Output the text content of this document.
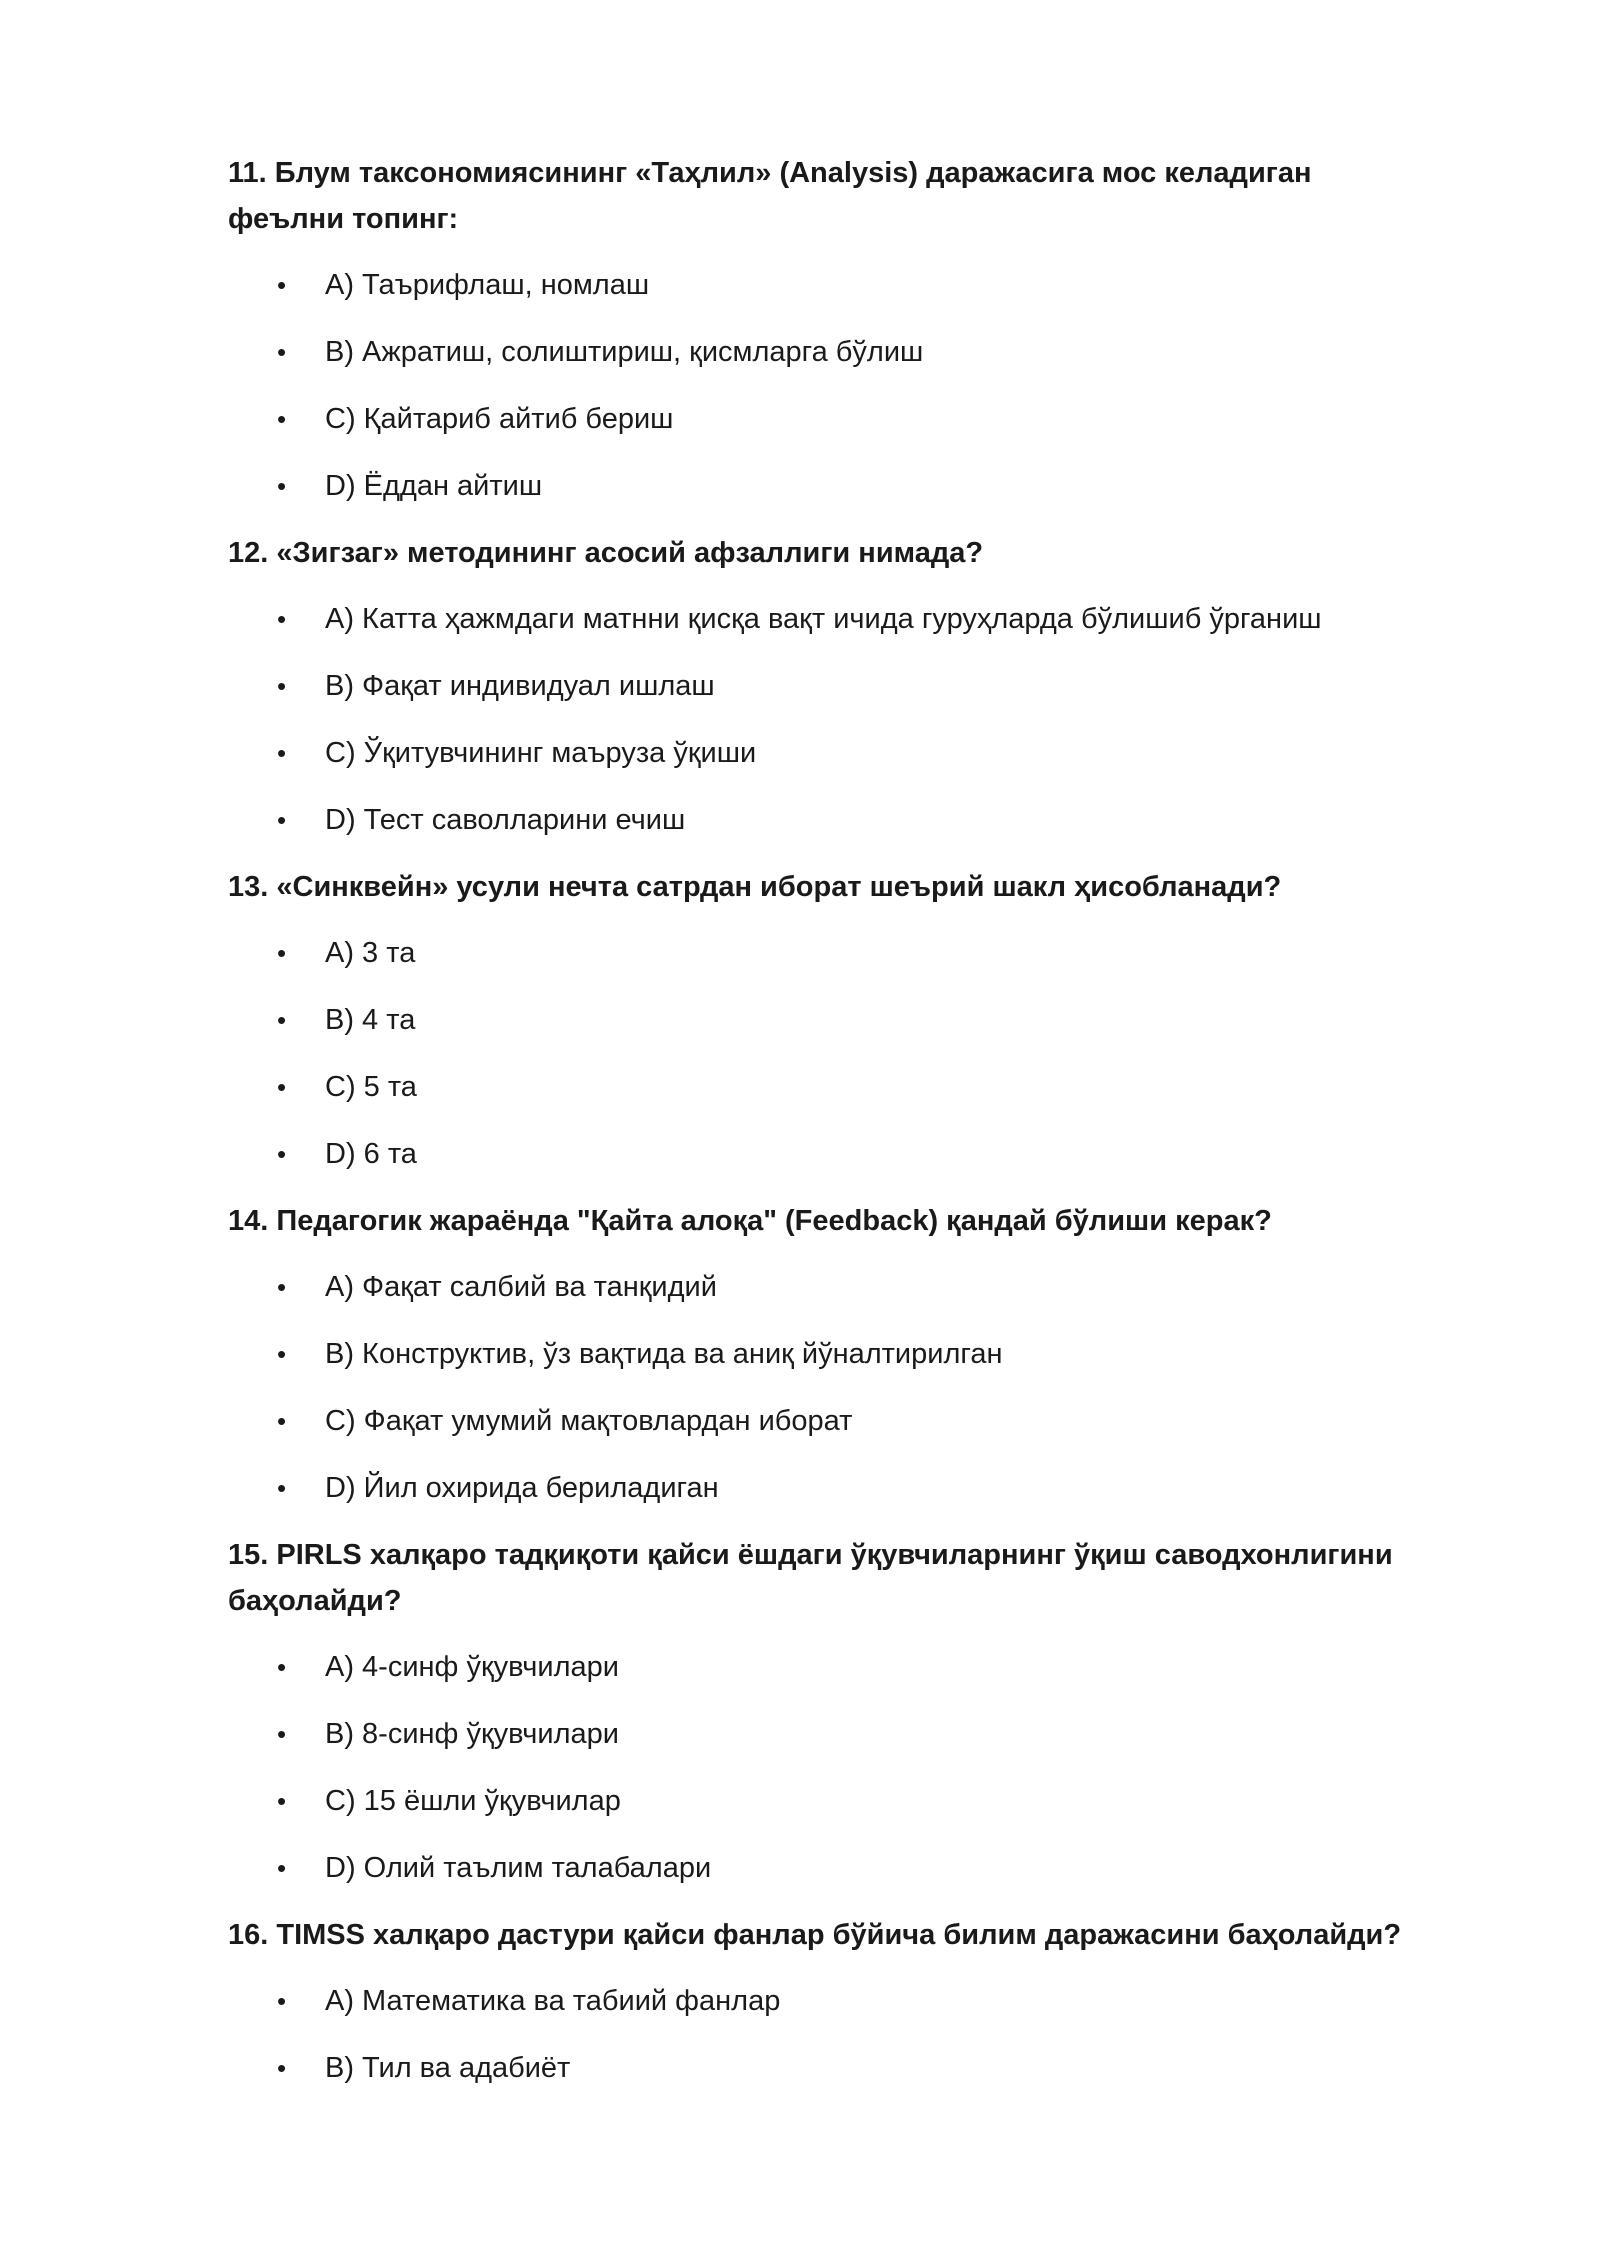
11. Блум таксономиясининг «Таҳлил» (Analysis) даражасига мос келадиган феълни топинг:

• A) Таърифлаш, номлаш
• B) Ажратиш, солиштириш, қисмларга бўлиш
• C) Қайтариб айтиб бериш
• D) Ёддан айтиш

12. «Зигзаг» методининг асосий афзаллиги нимада?

• A) Катта ҳажмдаги матнни қисқа вақт ичида гуруҳларда бўлишиб ўрганиш
• B) Фақат индивидуал ишлаш
• C) Ўқитувчининг маъруза ўқиши
• D) Тест саволларини ечиш

13. «Синквейн» усули нечта сатрдан иборат шеърий шакл ҳисобланади?

• A) 3 та
• B) 4 та
• C) 5 та
• D) 6 та

14. Педагогик жараёнда "Қайта алоқа" (Feedback) қандай бўлиши керак?

• A) Фақат салбий ва танқидий
• B) Конструктив, ўз вақтида ва аниқ йўналтирилган
• C) Фақат умумий мақтовлардан иборат
• D) Йил охирида бериладиган

15. PIRLS халқаро тадқиқоти қайси ёшдаги ўқувчиларнинг ўқиш саводхонлигини баҳолайди?

• A) 4-синф ўқувчилари
• B) 8-синф ўқувчилари
• C) 15 ёшли ўқувчилар
• D) Олий таълим талабалари

16. TIMSS халқаро дастури қайси фанлар бўйича билим даражасини баҳолайди?

• A) Математика ва табиий фанлар
• B) Тил ва адабиёт
